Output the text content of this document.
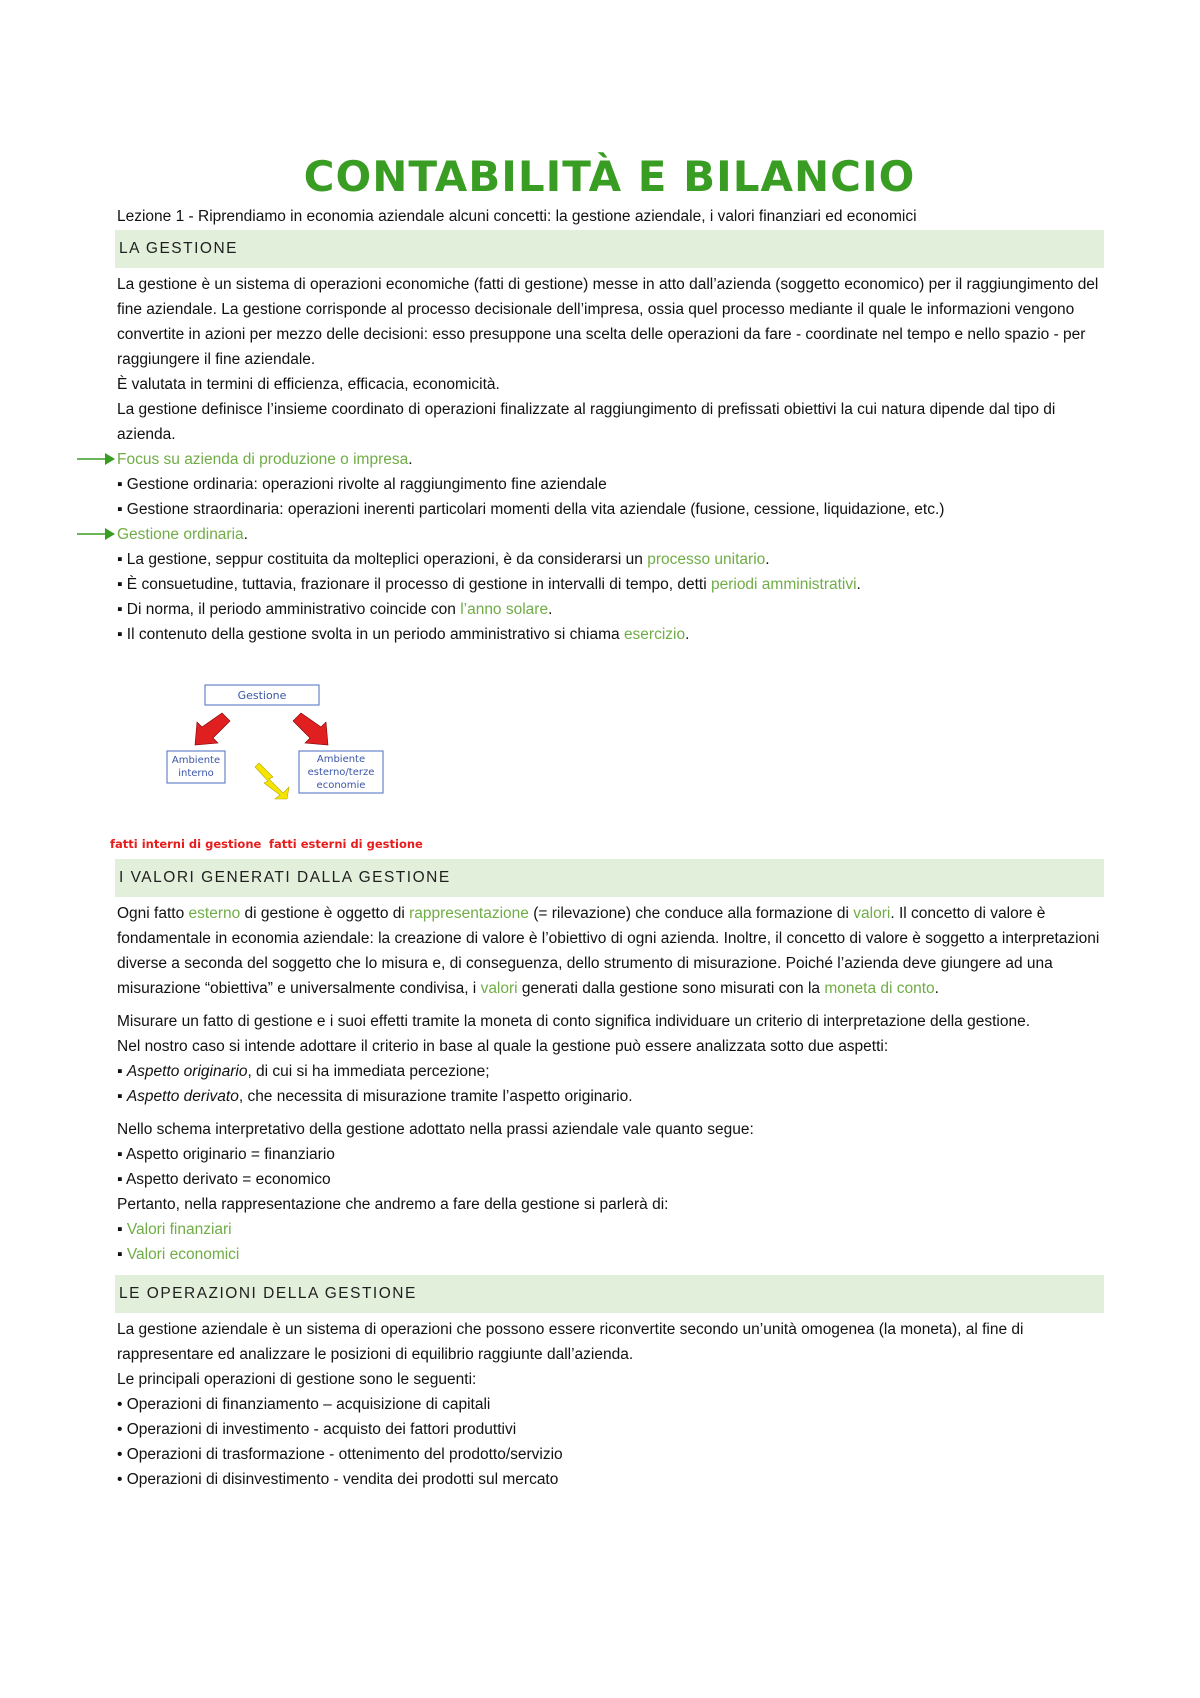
CONTABILITÀ E BILANCIO

Lezione 1 - Riprendiamo in economia aziendale alcuni concetti: la gestione aziendale, i valori finanziari ed economici

LA GESTIONE

La gestione è un sistema di operazioni economiche (fatti di gestione) messe in atto dall’azienda (soggetto economico) per il raggiungimento del fine aziendale. La gestione corrisponde al processo decisionale dell’impresa, ossia quel processo mediante il quale le informazioni vengono convertite in azioni per mezzo delle decisioni: esso presuppone una scelta delle operazioni da fare - coordinate nel tempo e nello spazio - per raggiungere il fine aziendale.

È valutata in termini di efficienza, efficacia, economicità.

La gestione definisce l’insieme coordinato di operazioni finalizzate al raggiungimento di prefissati obiettivi la cui natura dipende dal tipo di azienda.

Focus su azienda di produzione o impresa.

▪ Gestione ordinaria: operazioni rivolte al raggiungimento fine aziendale

▪ Gestione straordinaria: operazioni inerenti particolari momenti della vita aziendale (fusione, cessione, liquidazione, etc.)

Gestione ordinaria.

▪ La gestione, seppur costituita da molteplici operazioni, è da considerarsi un processo unitario.

▪ È consuetudine, tuttavia, frazionare il processo di gestione in intervalli di tempo, detti periodi amministrativi.

▪ Di norma, il periodo amministrativo coincide con l’anno solare.

▪ Il contenuto della gestione svolta in un periodo amministrativo si chiama esercizio.

Gestione
Ambiente
interno
Ambiente
esterno/terze
economie
fatti interni di gestione fatti esterni di gestione
I VALORI GENERATI DALLA GESTIONE

Ogni fatto esterno di gestione è oggetto di rappresentazione (= rilevazione) che conduce alla formazione di valori. Il concetto di valore è fondamentale in economia aziendale: la creazione di valore è l’obiettivo di ogni azienda. Inoltre, il concetto di valore è soggetto a interpretazioni diverse a seconda del soggetto che lo misura e, di conseguenza, dello strumento di misurazione. Poiché l’azienda deve giungere ad una misurazione “obiettiva” e universalmente condivisa, i valori generati dalla gestione sono misurati con la moneta di conto.

Misurare un fatto di gestione e i suoi effetti tramite la moneta di conto significa individuare un criterio di interpretazione della gestione.

Nel nostro caso si intende adottare il criterio in base al quale la gestione può essere analizzata sotto due aspetti:

▪ Aspetto originario, di cui si ha immediata percezione;

▪ Aspetto derivato, che necessita di misurazione tramite l’aspetto originario.

Nello schema interpretativo della gestione adottato nella prassi aziendale vale quanto segue:

▪ Aspetto originario = finanziario

▪ Aspetto derivato = economico

Pertanto, nella rappresentazione che andremo a fare della gestione si parlerà di:

▪ Valori finanziari

▪ Valori economici

LE OPERAZIONI DELLA GESTIONE

La gestione aziendale è un sistema di operazioni che possono essere riconvertite secondo un’unità omogenea (la moneta), al fine di rappresentare ed analizzare le posizioni di equilibrio raggiunte dall’azienda.

Le principali operazioni di gestione sono le seguenti:

• Operazioni di finanziamento – acquisizione di capitali

• Operazioni di investimento - acquisto dei fattori produttivi

• Operazioni di trasformazione - ottenimento del prodotto/servizio

• Operazioni di disinvestimento - vendita dei prodotti sul mercato
